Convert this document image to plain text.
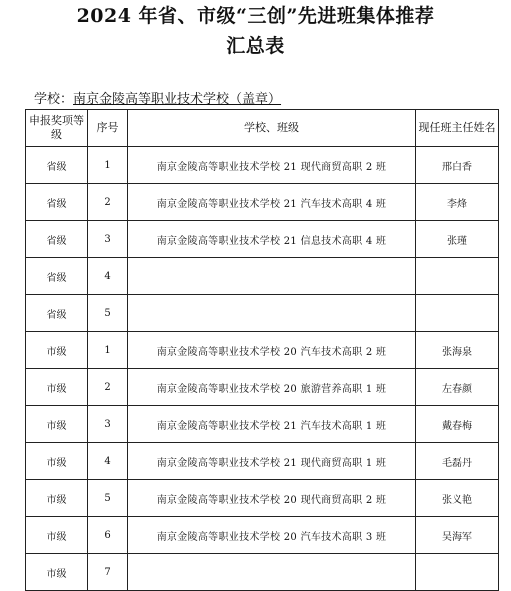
2024 年省、市级“三创”先进班集体推荐
汇总表
学校：南京金陵高等职业技术学校（盖章）
申报奖项等级	序号	学校、班级	现任班主任姓名
省级	1	南京金陵高等职业技术学校 21 现代商贸高职 2 班	邢白香
省级	2	南京金陵高等职业技术学校 21 汽车技术高职 4 班	李烽
省级	3	南京金陵高等职业技术学校 21 信息技术高职 4 班	张瑾
省级	4		
省级	5		
市级	1	南京金陵高等职业技术学校 20 汽车技术高职 2 班	张海泉
市级	2	南京金陵高等职业技术学校 20 旅游营养高职 1 班	左春颜
市级	3	南京金陵高等职业技术学校 21 汽车技术高职 1 班	戴春梅
市级	4	南京金陵高等职业技术学校 21 现代商贸高职 1 班	毛磊丹
市级	5	南京金陵高等职业技术学校 20 现代商贸高职 2 班	张义艳
市级	6	南京金陵高等职业技术学校 20 汽车技术高职 3 班	吴海军
市级	7		
